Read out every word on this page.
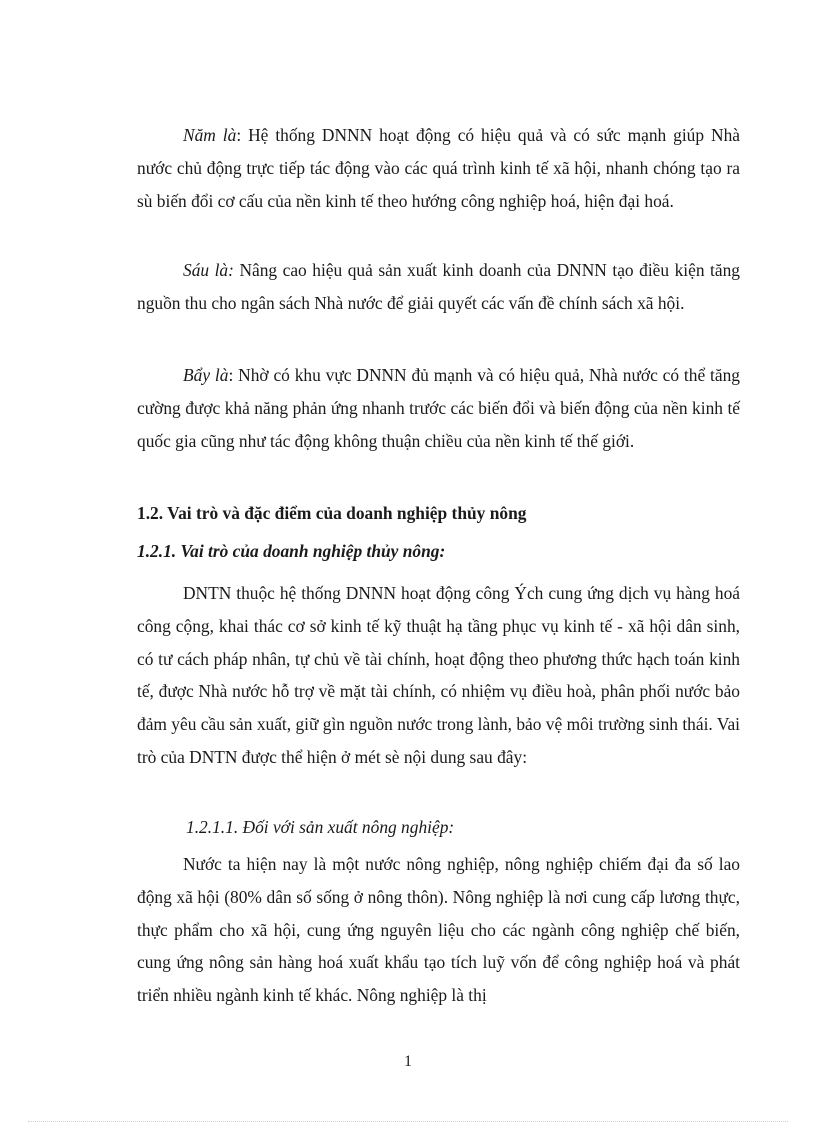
Năm là: Hệ thống DNNN hoạt động có hiệu quả và có sức mạnh giúp Nhà nước chủ động trực tiếp tác động vào các quá trình kinh tế xã hội, nhanh chóng tạo ra sù biến đổi cơ cấu của nền kinh tế theo hướng công nghiệp hoá, hiện đại hoá.

Sáu là: Nâng cao hiệu quả sản xuất kinh doanh của DNNN tạo điều kiện tăng nguồn thu cho ngân sách Nhà nước để giải quyết các vấn đề chính sách xã hội.

Bẩy là: Nhờ có khu vực DNNN đủ mạnh và có hiệu quả, Nhà nước có thể tăng cường được khả năng phản ứng nhanh trước các biến đổi và biến động của nền kinh tế quốc gia cũng như tác động không thuận chiều của nền kinh tế thế giới.

1.2. Vai trò và đặc điểm của doanh nghiệp thủy nông
1.2.1. Vai trò của doanh nghiệp thủy nông:

DNTN thuộc hệ thống DNNN hoạt động công Ých cung ứng dịch vụ hàng hoá công cộng, khai thác cơ sở kinh tế kỹ thuật hạ tầng phục vụ kinh tế - xã hội dân sinh, có tư cách pháp nhân, tự chủ về tài chính, hoạt động theo phương thức hạch toán kinh tế, được Nhà nước hỗ trợ về mặt tài chính, có nhiệm vụ điều hoà, phân phối nước bảo đảm yêu cầu sản xuất, giữ gìn nguồn nước trong lành, bảo vệ môi trường sinh thái. Vai trò của DNTN được thể hiện ở mét sè nội dung sau đây:

1.2.1.1. Đối với sản xuất nông nghiệp:

Nước ta hiện nay là một nước nông nghiệp, nông nghiệp chiếm đại đa số lao động xã hội (80% dân số sống ở nông thôn). Nông nghiệp là nơi cung cấp lương thực, thực phẩm cho xã hội, cung ứng nguyên liệu cho các ngành công nghiệp chế biến, cung ứng nông sản hàng hoá xuất khẩu tạo tích luỹ vốn để công nghiệp hoá và phát triển nhiều ngành kinh tế khác. Nông nghiệp là thị

1
